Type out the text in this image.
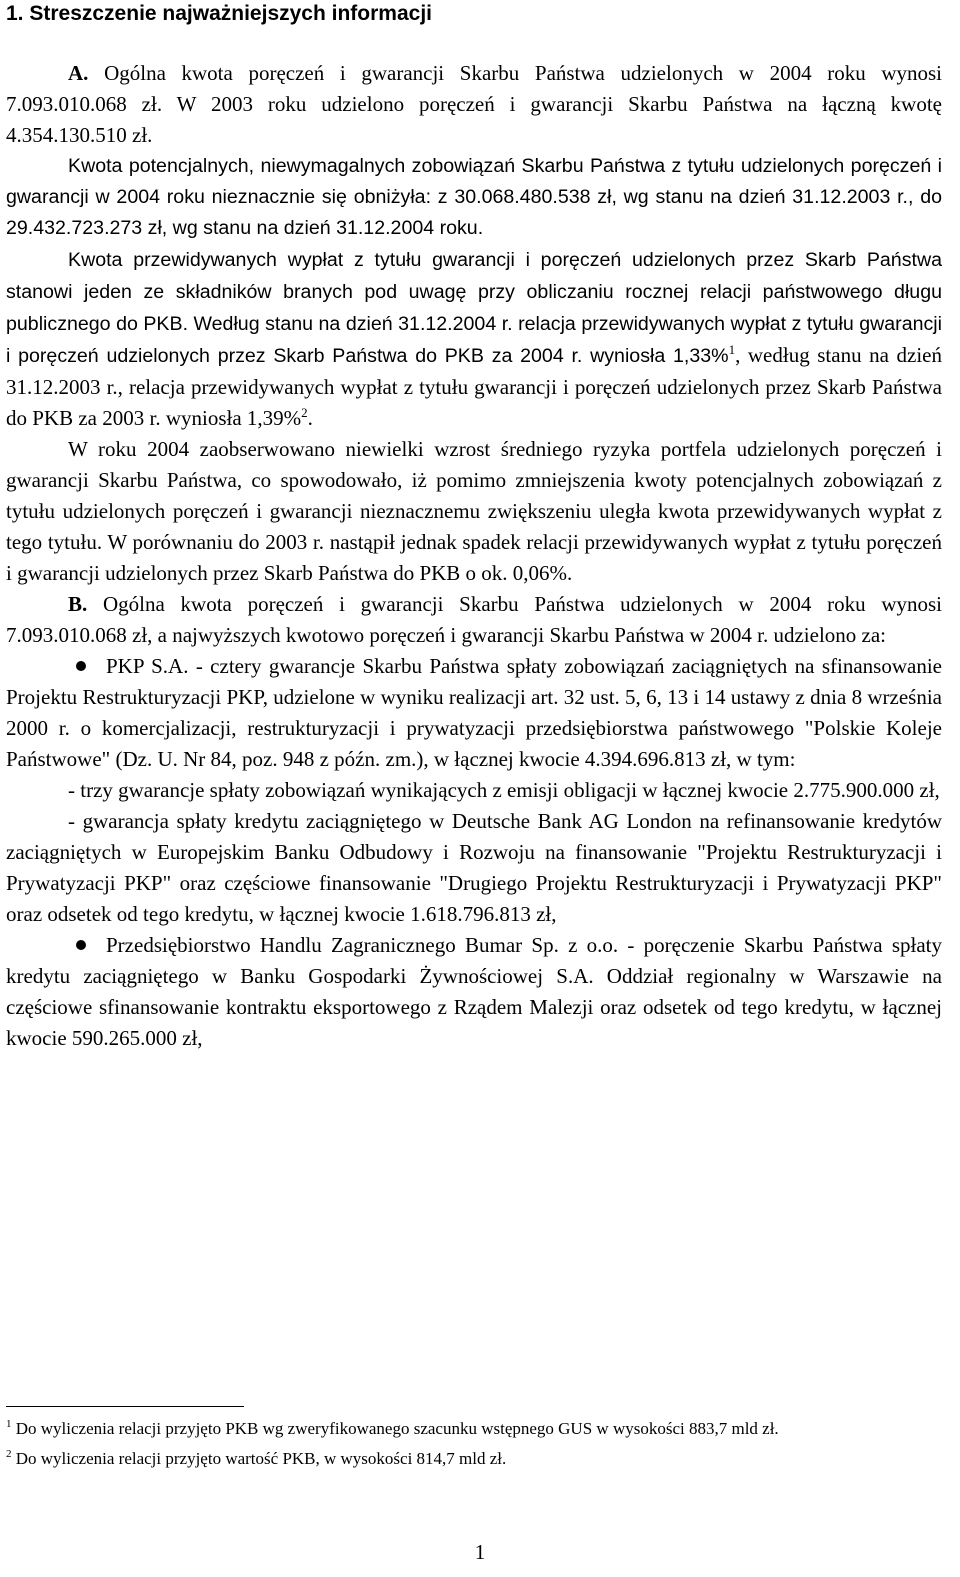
1. Streszczenie najważniejszych informacji

A. Ogólna kwota poręczeń i gwarancji Skarbu Państwa udzielonych w 2004 roku wynosi 7.093.010.068 zł. W 2003 roku udzielono poręczeń i gwarancji Skarbu Państwa na łączną kwotę 4.354.130.510 zł.

Kwota potencjalnych, niewymagalnych zobowiązań Skarbu Państwa z tytułu udzielonych poręczeń i gwarancji w 2004 roku nieznacznie się obniżyła: z 30.068.480.538 zł, wg stanu na dzień 31.12.2003 r., do 29.432.723.273 zł, wg stanu na dzień 31.12.2004 roku.

Kwota przewidywanych wypłat z tytułu gwarancji i poręczeń udzielonych przez Skarb Państwa stanowi jeden ze składników branych pod uwagę przy obliczaniu rocznej relacji państwowego długu publicznego do PKB. Według stanu na dzień 31.12.2004 r. relacja przewidywanych wypłat z tytułu gwarancji i poręczeń udzielonych przez Skarb Państwa do PKB za 2004 r. wyniosła 1,33%$^1$, według stanu na dzień 31.12.2003 r., relacja przewidywanych wypłat z tytułu gwarancji i poręczeń udzielonych przez Skarb Państwa do PKB za 2003 r. wyniosła 1,39%$^2$.

W roku 2004 zaobserwowano niewielki wzrost średniego ryzyka portfela udzielonych poręczeń i gwarancji Skarbu Państwa, co spowodowało, iż pomimo zmniejszenia kwoty potencjalnych zobowiązań z tytułu udzielonych poręczeń i gwarancji nieznacznemu zwiększeniu uległa kwota przewidywanych wypłat z tego tytułu. W porównaniu do 2003 r. nastąpił jednak spadek relacji przewidywanych wypłat z tytułu poręczeń i gwarancji udzielonych przez Skarb Państwa do PKB o ok. 0,06%.

B. Ogólna kwota poręczeń i gwarancji Skarbu Państwa udzielonych w 2004 roku wynosi 7.093.010.068 zł, a najwyższych kwotowo poręczeń i gwarancji Skarbu Państwa w 2004 r. udzielono za:

PKP S.A. - cztery gwarancje Skarbu Państwa spłaty zobowiązań zaciągniętych na sfinansowanie Projektu Restrukturyzacji PKP, udzielone w wyniku realizacji art. 32 ust. 5, 6, 13 i 14 ustawy z dnia 8 września 2000 r. o komercjalizacji, restrukturyzacji i prywatyzacji przedsiębiorstwa państwowego "Polskie Koleje Państwowe" (Dz. U. Nr 84, poz. 948 z późn. zm.), w łącznej kwocie 4.394.696.813 zł, w tym:

- trzy gwarancje spłaty zobowiązań wynikających z emisji obligacji w łącznej kwocie 2.775.900.000 zł,

- gwarancja spłaty kredytu zaciągniętego w Deutsche Bank AG London na refinansowanie kredytów zaciągniętych w Europejskim Banku Odbudowy i Rozwoju na finansowanie "Projektu Restrukturyzacji i Prywatyzacji PKP" oraz częściowe finansowanie "Drugiego Projektu Restrukturyzacji i Prywatyzacji PKP" oraz odsetek od tego kredytu, w łącznej kwocie 1.618.796.813 zł,

Przedsiębiorstwo Handlu Zagranicznego Bumar Sp. z o.o. - poręczenie Skarbu Państwa spłaty kredytu zaciągniętego w Banku Gospodarki Żywnościowej S.A. Oddział regionalny w Warszawie na częściowe sfinansowanie kontraktu eksportowego z Rządem Malezji oraz odsetek od tego kredytu, w łącznej kwocie 590.265.000 zł,

$^1$ Do wyliczenia relacji przyjęto PKB wg zweryfikowanego szacunku wstępnego GUS w wysokości 883,7 mld zł.

$^2$ Do wyliczenia relacji przyjęto wartość PKB, w wysokości 814,7 mld zł.

1
